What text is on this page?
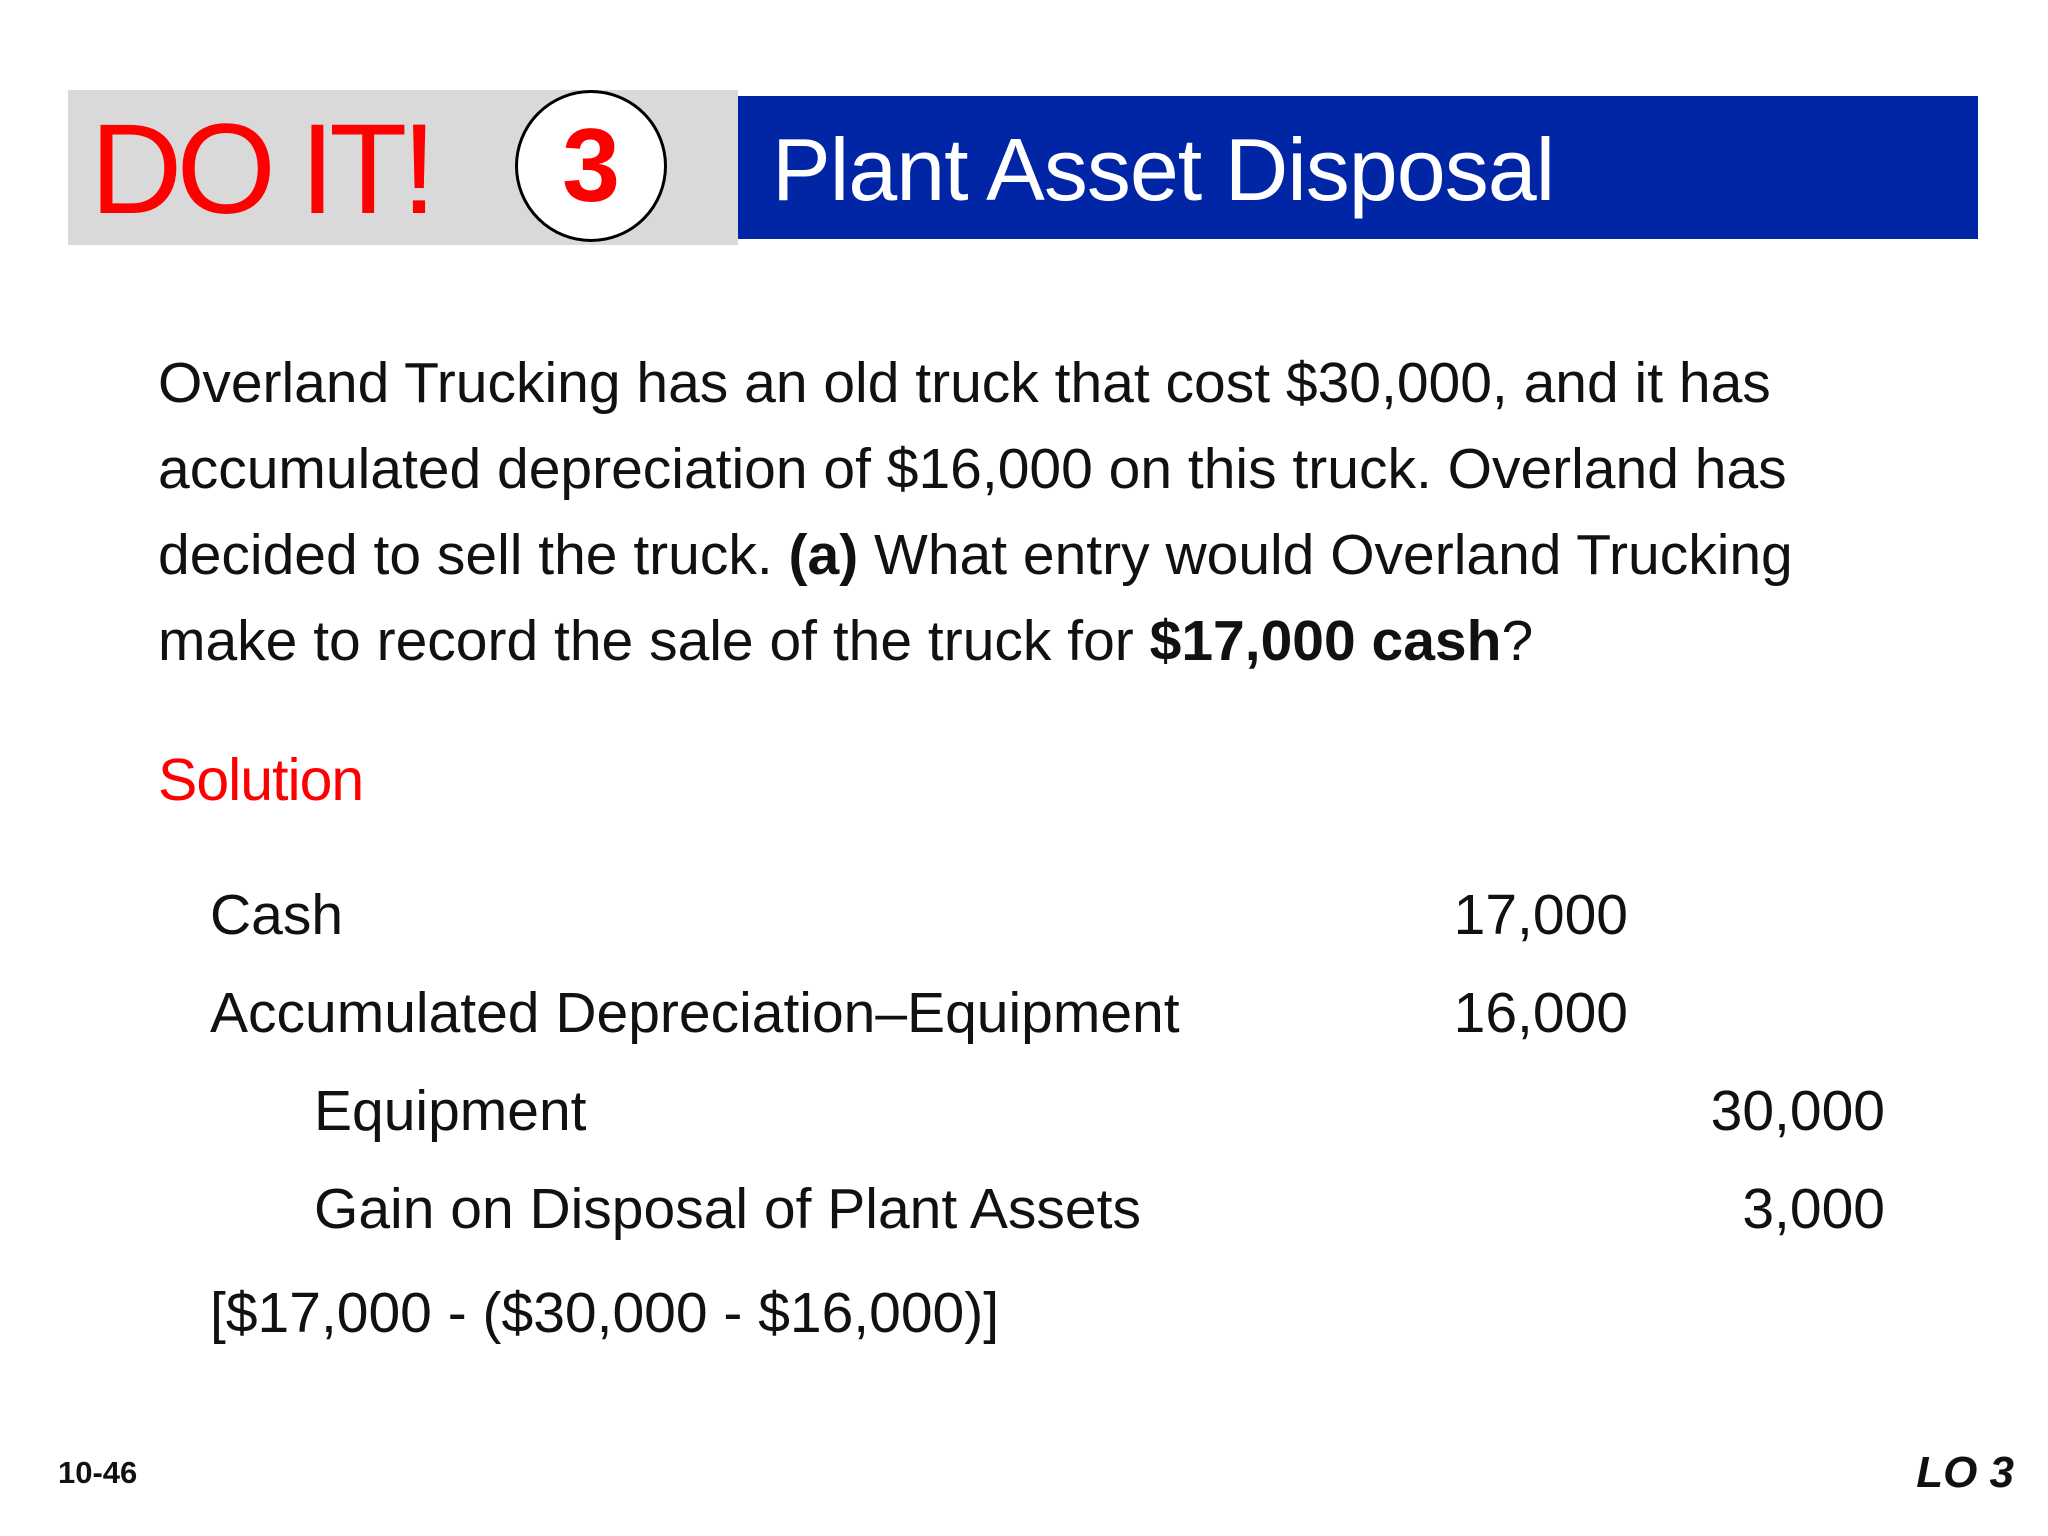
DO IT! 3 Plant Asset Disposal
Overland Trucking has an old truck that cost $30,000, and it has accumulated depreciation of $16,000 on this truck. Overland has decided to sell the truck. (a) What entry would Overland Trucking make to record the sale of the truck for $17,000 cash?
Solution
Cash	17,000
Accumulated Depreciation–Equipment	16,000
Equipment	30,000
Gain on Disposal of Plant Assets	3,000
[$17,000 - ($30,000 - $16,000)]
10-46	LO 3
